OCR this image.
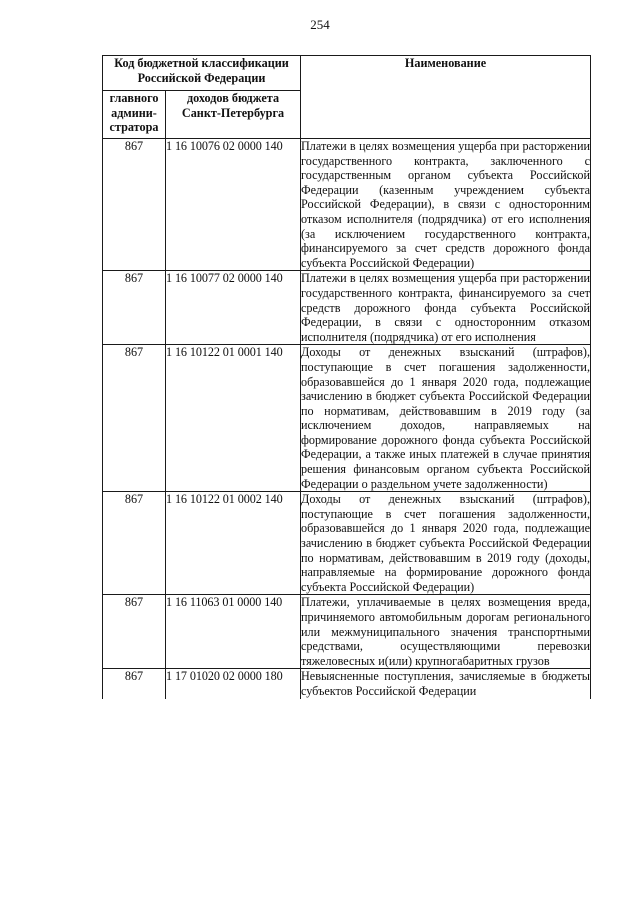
254
Код бюджетной классификации Российской Федерации		Наименование
главного админи-стратора	доходов бюджета Санкт-Петербурга	
867	1 16 10076 02 0000 140	Платежи в целях возмещения ущерба при расторжении государственного контракта, заключенного с государственным органом субъекта Российской Федерации (казенным учреждением субъекта Российской Федерации), в связи с односторонним отказом исполнителя (подрядчика) от его исполнения (за исключением государственного контракта, финансируемого за счет средств дорожного фонда субъекта Российской Федерации)
867	1 16 10077 02 0000 140	Платежи в целях возмещения ущерба при расторжении государственного контракта, финансируемого за счет средств дорожного фонда субъекта Российской Федерации, в связи с односторонним отказом исполнителя (подрядчика) от его исполнения
867	1 16 10122 01 0001 140	Доходы от денежных взысканий (штрафов), поступающие в счет погашения задолженности, образовавшейся до 1 января 2020 года, подлежащие зачислению в бюджет субъекта Российской Федерации по нормативам, действовавшим в 2019 году (за исключением доходов, направляемых на формирование дорожного фонда субъекта Российской Федерации, а также иных платежей в случае принятия решения финансовым органом субъекта Российской Федерации о раздельном учете задолженности)
867	1 16 10122 01 0002 140	Доходы от денежных взысканий (штрафов), поступающие в счет погашения задолженности, образовавшейся до 1 января 2020 года, подлежащие зачислению в бюджет субъекта Российской Федерации по нормативам, действовавшим в 2019 году (доходы, направляемые на формирование дорожного фонда субъекта Российской Федерации)
867	1 16 11063 01 0000 140	Платежи, уплачиваемые в целях возмещения вреда, причиняемого автомобильным дорогам регионального или межмуниципального значения транспортными средствами, осуществляющими перевозки тяжеловесных и(или) крупногабаритных грузов
867	1 17 01020 02 0000 180	Невыясненные поступления, зачисляемые в бюджеты субъектов Российской Федерации
